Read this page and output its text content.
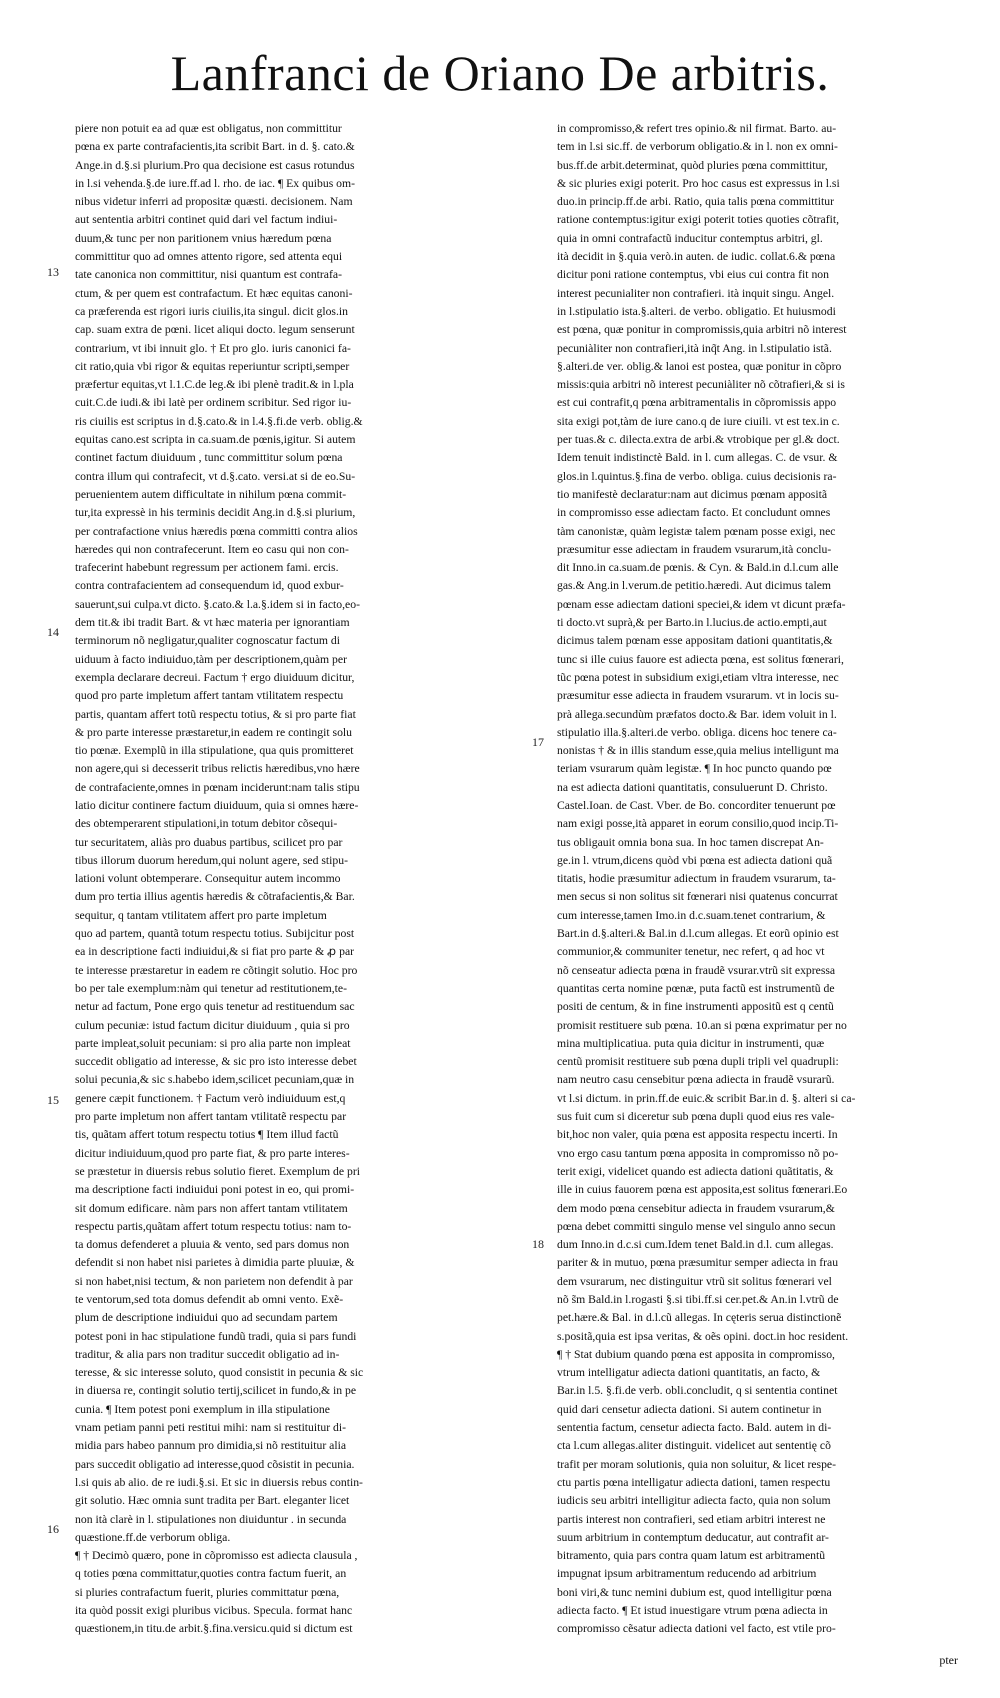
Lanfranci de Oriano De arbitris.
13
14
15
16
17
18
piere non potuit ea ad quæ est obligatus, non committitur
pœna ex parte contrafacientis,ita scribit Bart. in d. §. cato.&
Ange.in d.§.si plurium.Pro qua decisione est casus rotundus
in l.si vehenda.§.de iure.ff.ad l. rho. de iac. ¶ Ex quibus om-
nibus videtur inferri ad propositæ quæsti. decisionem. Nam
aut sententia arbitri continet quid dari vel factum indiui-
duum,& tunc per non paritionem vnius hæredum pœna
committitur quo ad omnes attento rigore, sed attenta equi
tate canonica non committitur, nisi quantum est contrafa-
ctum, & per quem est contrafactum. Et hæc equitas canoni-
ca præferenda est rigori iuris ciuilis,ita singul. dicit glos.in
cap. suam extra de pœni. licet aliqui docto. legum senserunt
contrarium, vt ibi innuit glo. † Et pro glo. iuris canonici fa-
cit ratio,quia vbi rigor & equitas reperiuntur scripti,semper
præfertur equitas,vt l.1.C.de leg.& ibi plenè tradit.& in l.pla
cuit.C.de iudi.& ibi latè per ordinem scribitur. Sed rigor iu-
ris ciuilis est scriptus in d.§.cato.& in l.4.§.fi.de verb. oblig.&
equitas cano.est scripta in ca.suam.de pœnis,igitur. Si autem
continet factum diuiduum , tunc committitur solum pœna
contra illum qui contrafecit, vt d.§.cato. versi.at si de eo.Su-
peruenientem autem difficultate in nihilum pœna commit-
tur,ita expressè in his terminis decidit Ang.in d.§.si plurium,
per contrafactione vnius hæredis pœna committi contra alios
hæredes qui non contrafecerunt. Item eo casu qui non con-
trafecerint habebunt regressum per actionem fami. ercis.
contra contrafacientem ad consequendum id, quod exbur-
sauerunt,sui culpa.vt dicto. §.cato.& l.a.§.idem si in facto,eo-
dem tit.& ibi tradit Bart. & vt hæc materia per ignorantiam
terminorum nõ negligatur,qualiter cognoscatur factum di
uiduum à facto indiuiduo,tàm per descriptionem,quàm per
exempla declarare decreui. Factum † ergo diuiduum dicitur,
quod pro parte impletum affert tantam vtilitatem respectu
partis, quantam affert totũ respectu totius, & si pro parte fiat
& pro parte interesse præstaretur,in eadem re contingit solu
tio pœnæ. Exemplũ in illa stipulatione, qua quis promitteret
non agere,qui si decesserit tribus relictis hæredibus,vno hære
de contrafaciente,omnes in pœnam inciderunt:nam talis stipu
latio dicitur continere factum diuiduum, quia si omnes hære-
des obtemperarent stipulationi,in totum debitor cõsequi-
tur securitatem, aliàs pro duabus partibus, scilicet pro par
tibus illorum duorum heredum,qui nolunt agere, sed stipu-
lationi volunt obtemperare. Consequitur autem incommo
dum pro tertia illius agentis hæredis & cõtrafacientis,& Bar.
sequitur, q tantam vtilitatem affert pro parte impletum
quo ad partem, quantã totum respectu totius. Subijcitur post
ea in descriptione facti indiuidui,& si fiat pro parte & ꝓ par
te interesse præstaretur in eadem re cõtingit solutio. Hoc pro
bo per tale exemplum:nàm qui tenetur ad restitutionem,te-
netur ad factum, Pone ergo quis tenetur ad restituendum sac
culum pecuniæ: istud factum dicitur diuiduum , quia si pro
parte impleat,soluit pecuniam: si pro alia parte non impleat
succedit obligatio ad interesse, & sic pro isto interesse debet
solui pecunia,& sic s.habebo idem,scilicet pecuniam,quæ in
genere cæpit functionem. † Factum verò indiuiduum est,q
pro parte impletum non affert tantam vtilitatẽ respectu par
tis, quãtam affert totum respectu totius ¶ Item illud factũ
dicitur indiuiduum,quod pro parte fiat, & pro parte interes-
se præstetur in diuersis rebus solutio fieret. Exemplum de pri
ma descriptione facti indiuidui poni potest in eo, qui promi-
sit domum edificare. nàm pars non affert tantam vtilitatem
respectu partis,quãtam affert totum respectu totius: nam to-
ta domus defenderet a pluuia & vento, sed pars domus non
defendit si non habet nisi parietes à dimidia parte pluuiæ, &
si non habet,nisi tectum, & non parietem non defendit à par
te ventorum,sed tota domus defendit ab omni vento. Exẽ-
plum de descriptione indiuidui quo ad secundam partem
potest poni in hac stipulatione fundũ tradi, quia si pars fundi
traditur, & alia pars non traditur succedit obligatio ad in-
teresse, & sic interesse soluto, quod consistit in pecunia & sic
in diuersa re, contingit solutio tertij,scilicet in fundo,& in pe
cunia. ¶ Item potest poni exemplum in illa stipulatione
vnam petiam panni peti restitui mihi: nam si restituitur di-
midia pars habeo pannum pro dimidia,si nõ restituitur alia
pars succedit obligatio ad interesse,quod cõsistit in pecunia.
l.si quis ab alio. de re iudi.§.si. Et sic in diuersis rebus contin-
git solutio. Hæc omnia sunt tradita per Bart. eleganter licet
non ità clarè in l. stipulationes non diuiduntur . in secunda
quæstione.ff.de verborum obliga.
¶ † Decimò quæro, pone in cõpromisso est adiecta clausula ,
q toties pœna committatur,quoties contra factum fuerit, an
si pluries contrafactum fuerit, pluries committatur pœna,
ita quòd possit exigi pluribus vicibus. Specula. format hanc
quæstionem,in titu.de arbit.§.fina.versicu.quid si dictum est
in compromisso,& refert tres opinio.& nil firmat. Barto. au-
tem in l.si sic.ff. de verborum obligatio.& in l. non ex omni-
bus.ff.de arbit.determinat, quòd pluries pœna committitur,
& sic pluries exigi poterit. Pro hoc casus est expressus in l.si
duo.in princip.ff.de arbi. Ratio, quia talis pœna committitur
ratione contemptus:igitur exigi poterit toties quoties cõtrafit,
quia in omni contrafactũ inducitur contemptus arbitri, gl.
ità decidit in §.quia verò.in auten. de iudic. collat.6.& pœna
dicitur poni ratione contemptus, vbi eius cui contra fit non
interest pecunialiter non contrafieri. ità inquit singu. Angel.
in l.stipulatio ista.§.alteri. de verbo. obligatio. Et huiusmodi
est pœna, quæ ponitur in compromissis,quia arbitri nõ interest
pecuniàliter non contrafieri,ità inq̃t Ang. in l.stipulatio istã.
§.alteri.de ver. oblig.& lanoi est postea, quæ ponitur in cõpro
missis:quia arbitri nõ interest pecuniàliter nõ cõtrafieri,& si is
est cui contrafit,q pœna arbitramentalis in cõpromissis appo
sita exigi pot,tàm de iure cano.q de iure ciuili. vt est tex.in c.
per tuas.& c. dilecta.extra de arbi.& vtrobique per gl.& doct.
Idem tenuit indistinctè Bald. in l. cum allegas. C. de vsur. &
glos.in l.quintus.§.fina de verbo. obliga. cuius decisionis ra-
tio manifestè declaratur:nam aut dicimus pœnam appositã
in compromisso esse adiectam facto. Et concludunt omnes
tàm canonistæ, quàm legistæ talem pœnam posse exigi, nec
præsumitur esse adiectam in fraudem vsurarum,ità conclu-
dit Inno.in ca.suam.de pœnis. & Cyn. & Bald.in d.l.cum alle
gas.& Ang.in l.verum.de petitio.hæredi. Aut dicimus talem
pœnam esse adiectam dationi speciei,& idem vt dicunt præfa-
ti docto.vt suprà,& per Barto.in l.lucius.de actio.empti,aut
dicimus talem pœnam esse appositam dationi quantitatis,&
tunc si ille cuius fauore est adiecta pœna, est solitus fœnerari,
tũc pœna potest in subsidium exigi,etiam vltra interesse, nec
præsumitur esse adiecta in fraudem vsurarum. vt in locis su-
prà allega.secundùm præfatos docto.& Bar. idem voluit in l.
stipulatio illa.§.alteri.de verbo. obliga. dicens hoc tenere ca-
nonistas † & in illis standum esse,quia melius intelligunt ma
teriam vsurarum quàm legistæ. ¶ In hoc puncto quando pœ
na est adiecta dationi quantitatis, consuluerunt D. Christo.
Castel.Ioan. de Cast. Vber. de Bo. concorditer tenuerunt pœ
nam exigi posse,ità apparet in eorum consilio,quod incip.Ti-
tus obligauit omnia bona sua. In hoc tamen discrepat An-
ge.in l. vtrum,dicens quòd vbi pœna est adiecta dationi quã
titatis, hodie præsumitur adiectum in fraudem vsurarum, ta-
men secus si non solitus sit fœnerari nisi quatenus concurrat
cum interesse,tamen Imo.in d.c.suam.tenet contrarium, &
Bart.in d.§.alteri.& Bal.in d.l.cum allegas. Et eorũ opinio est
communior,& communiter tenetur, nec refert, q ad hoc vt
nõ censeatur adiecta pœna in fraudẽ vsurar.vtrũ sit expressa
quantitas certa nomine pœnæ, puta factũ est instrumentũ de
positi de centum, & in fine instrumenti appositũ est q centũ
promisit restituere sub pœna. 10.an si pœna exprimatur per no
mina multiplicatiua. puta quia dicitur in instrumenti, quæ
centũ promisit restituere sub pœna dupli tripli vel quadrupli:
nam neutro casu censebitur pœna adiecta in fraudẽ vsurarũ.
vt l.si dictum. in prin.ff.de euic.& scribit Bar.in d. §. alteri si ca-
sus fuit cum si diceretur sub pœna dupli quod eius res vale-
bit,hoc non valer, quia pœna est apposita respectu incerti. In
vno ergo casu tantum pœna apposita in compromisso nõ po-
terit exigi, videlicet quando est adiecta dationi quãtitatis, &
ille in cuius fauorem pœna est apposita,est solitus fœnerari.Eo
dem modo pœna censebitur adiecta in fraudem vsurarum,&
pœna debet committi singulo mense vel singulo anno secun
dum Inno.in d.c.si cum.Idem tenet Bald.in d.l. cum allegas.
pariter & in mutuo, pœna præsumitur semper adiecta in frau
dem vsurarum, nec distinguitur vtrũ sit solitus fœnerari vel
nõ s̃m Bald.in l.rogasti §.si tibi.ff.si cer.pet.& An.in l.vtrũ de
pet.hære.& Bal. in d.l.cũ allegas. In cęteris serua distinctionẽ
s.positã,quia est ipsa veritas, & oẽs opini. doct.in hoc resident.
¶ † Stat dubium quando pœna est apposita in compromisso,
vtrum intelligatur adiecta dationi quantitatis, an facto, &
Bar.in l.5. §.fi.de verb. obli.concludit, q si sententia continet
quid dari censetur adiecta dationi. Si autem continetur in
sententia factum, censetur adiecta facto. Bald. autem in di-
cta l.cum allegas.aliter distinguit. videlicet aut sententię cõ
trafit per moram solutionis, quia non soluitur, & licet respe-
ctu partis pœna intelligatur adiecta dationi, tamen respectu
iudicis seu arbitri intelligitur adiecta facto, quia non solum
partis interest non contrafieri, sed etiam arbitri interest ne
suum arbitrium in contemptum deducatur, aut contrafit ar-
bitramento, quia pars contra quam latum est arbitramentũ
impugnat ipsum arbitramentum reducendo ad arbitrium
boni viri,& tunc nemini dubium est, quod intelligitur pœna
adiecta facto. ¶ Et istud inuestigare vtrum pœna adiecta in
compromisso cẽsatur adiecta dationi vel facto, est vtile pro-
pter
